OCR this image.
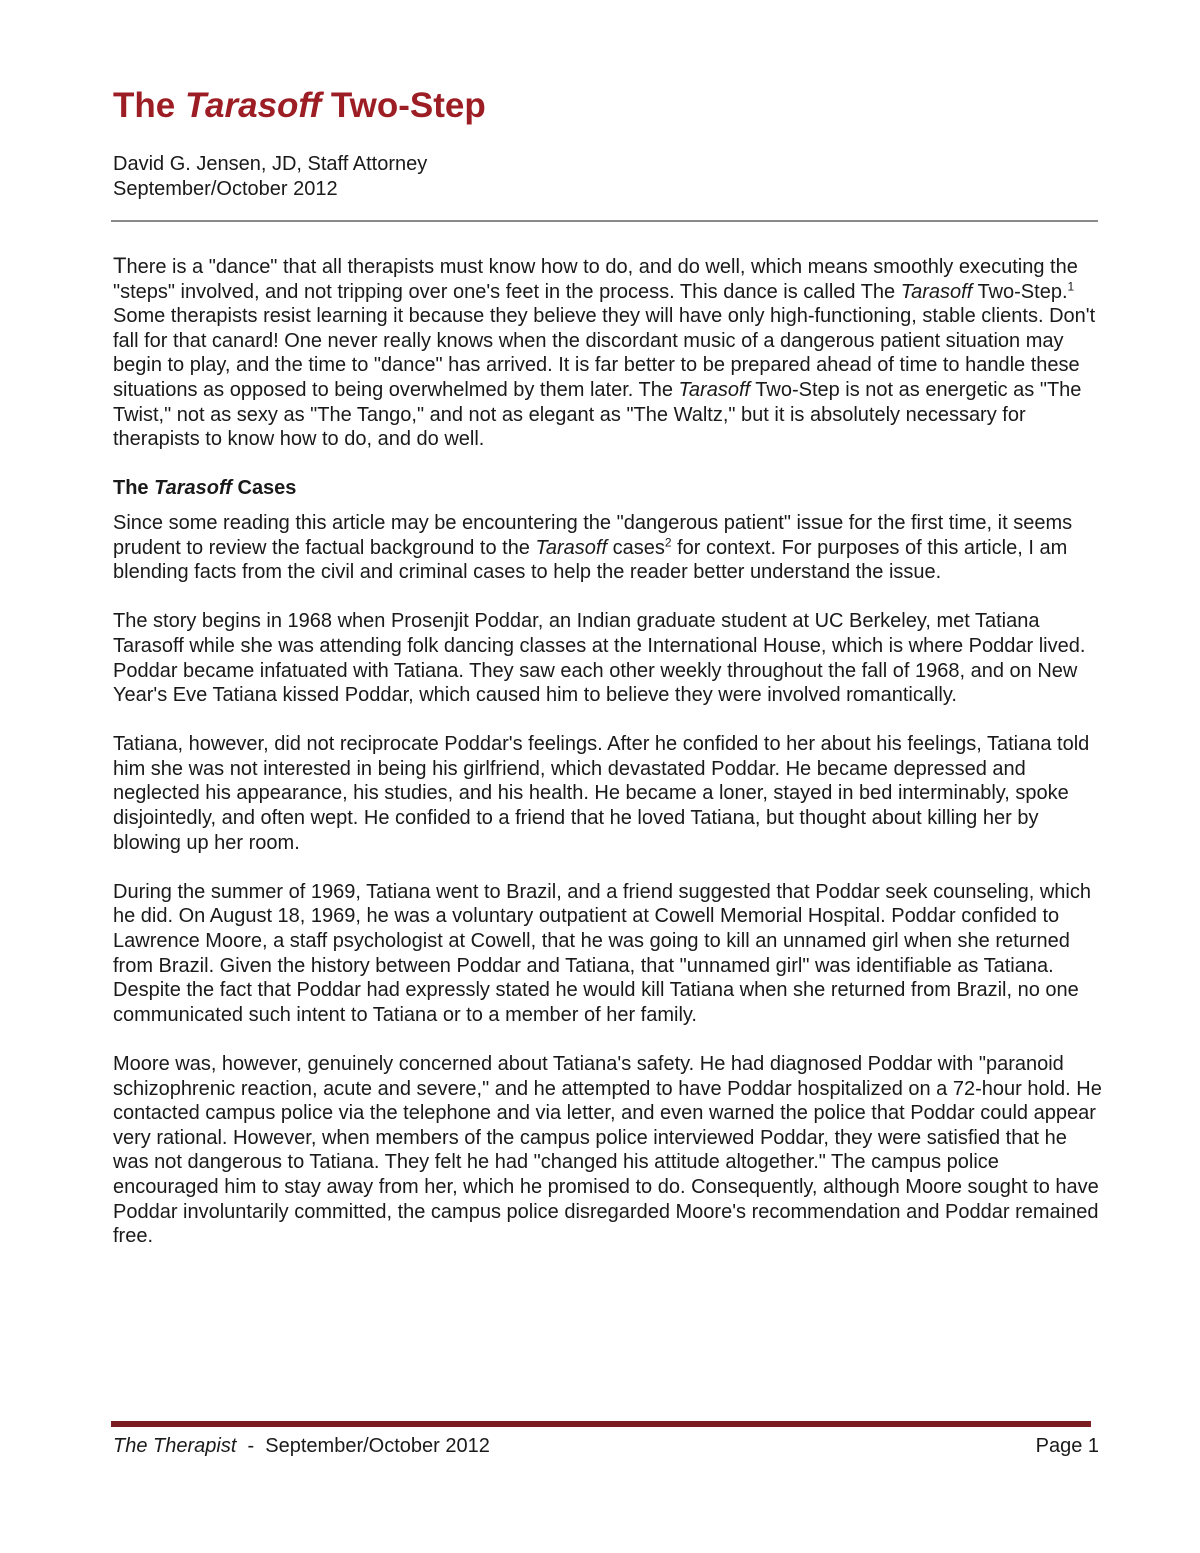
The Tarasoff Two-Step
David G. Jensen, JD, Staff Attorney
September/October 2012

There is a "dance" that all therapists must know how to do, and do well, which means smoothly executing the "steps" involved, and not tripping over one's feet in the process. This dance is called The Tarasoff Two-Step.$^1$ Some therapists resist learning it because they believe they will have only high-functioning, stable clients. Don't fall for that canard! One never really knows when the discordant music of a dangerous patient situation may begin to play, and the time to "dance" has arrived. It is far better to be prepared ahead of time to handle these situations as opposed to being overwhelmed by them later. The Tarasoff Two-Step is not as energetic as "The Twist," not as sexy as "The Tango," and not as elegant as "The Waltz," but it is absolutely necessary for therapists to know how to do, and do well.

The Tarasoff Cases

Since some reading this article may be encountering the "dangerous patient" issue for the first time, it seems prudent to review the factual background to the Tarasoff cases$^2$ for context. For purposes of this article, I am blending facts from the civil and criminal cases to help the reader better understand the issue.

The story begins in 1968 when Prosenjit Poddar, an Indian graduate student at UC Berkeley, met Tatiana Tarasoff while she was attending folk dancing classes at the International House, which is where Poddar lived. Poddar became infatuated with Tatiana. They saw each other weekly throughout the fall of 1968, and on New Year's Eve Tatiana kissed Poddar, which caused him to believe they were involved romantically.

Tatiana, however, did not reciprocate Poddar's feelings. After he confided to her about his feelings, Tatiana told him she was not interested in being his girlfriend, which devastated Poddar. He became depressed and neglected his appearance, his studies, and his health. He became a loner, stayed in bed interminably, spoke disjointedly, and often wept. He confided to a friend that he loved Tatiana, but thought about killing her by blowing up her room.

During the summer of 1969, Tatiana went to Brazil, and a friend suggested that Poddar seek counseling, which he did. On August 18, 1969, he was a voluntary outpatient at Cowell Memorial Hospital. Poddar confided to Lawrence Moore, a staff psychologist at Cowell, that he was going to kill an unnamed girl when she returned from Brazil. Given the history between Poddar and Tatiana, that "unnamed girl" was identifiable as Tatiana. Despite the fact that Poddar had expressly stated he would kill Tatiana when she returned from Brazil, no one communicated such intent to Tatiana or to a member of her family.

Moore was, however, genuinely concerned about Tatiana's safety. He had diagnosed Poddar with "paranoid schizophrenic reaction, acute and severe," and he attempted to have Poddar hospitalized on a 72-hour hold. He contacted campus police via the telephone and via letter, and even warned the police that Poddar could appear very rational. However, when members of the campus police interviewed Poddar, they were satisfied that he was not dangerous to Tatiana. They felt he had "changed his attitude altogether." The campus police encouraged him to stay away from her, which he promised to do. Consequently, although Moore sought to have Poddar involuntarily committed, the campus police disregarded Moore's recommendation and Poddar remained free.

The Therapist  -  September/October 2012	Page 1
